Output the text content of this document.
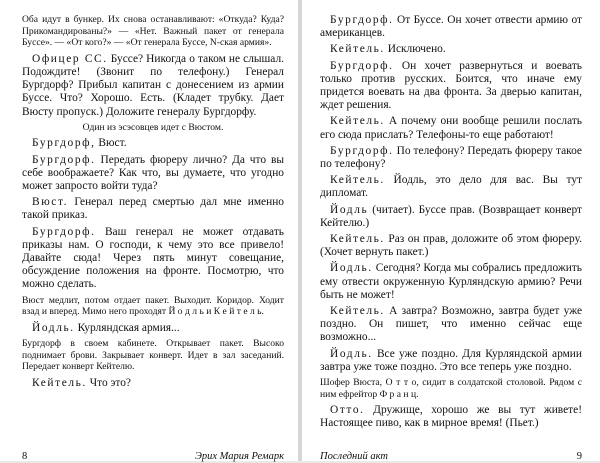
Оба идут в бункер. Их снова останавливают: «Откуда? Куда? Прикомандированы?» — «Нет. Важный пакет от генерала Буссе». — «От кого?» — «От генерала Буссе, N-ская армия».
Офицер СС. Буссе? Никогда о таком не слышал. Подождите! (Звонит по телефону.) Генерал Бургдорф? Прибыл капитан с донесением из армии Буссе. Что? Хорошо. Есть. (Кладет трубку. Дает Вюсту пропуск.) Доложите генералу Бургдорфу.
Один из эсэсовцев идет с Вюстом.
Бургдорф, Вюст.
Бургдорф. Передать фюреру лично? Да что вы себе воображаете? Как что, вы думаете, что угодно может запросто войти туда?
Вюст. Генерал перед смертью дал мне именно такой приказ.
Бургдорф. Ваш генерал не может отдавать приказы нам. О господи, к чему это все привело! Давайте сюда! Через пять минут совещание, обсуждение положения на фронте. Посмотрю, что можно сделать.
Вюст медлит, потом отдает пакет. Выходит. Коридор. Ходит взад и вперед. Мимо него проходят Й о д л ь и К е й т е л ь.
Йодль. Курляндская армия...
Бургдорф в своем кабинете. Открывает пакет. Высоко поднимает брови. Закрывает конверт. Идет в зал заседаний. Передает конверт Кейтелю.
Кейтель. Что это?
8	Эрих Мария Ремарк
Бургдорф. От Буссе. Он хочет отвести армию от американцев.
Кейтель. Исключено.
Бургдорф. Он хочет развернуться и воевать только против русских. Боится, что иначе ему придется воевать на два фронта. За дверью капитан, ждет решения.
Кейтель. А почему они вообще решили послать его сюда прислать? Телефоны-то еще работают!
Бургдорф. По телефону? Передать фюреру такое по телефону?
Кейтель. Йодль, это дело для вас. Вы тут дипломат.
Йодль (читает). Буссе прав. (Возвращает конверт Кейтелю.)
Кейтель. Раз он прав, доложите об этом фюреру. (Хочет вернуть пакет.)
Йодль. Сегодня? Когда мы собрались предложить ему отвести окруженную Курляндскую армию? Речи быть не может!
Кейтель. А завтра? Возможно, завтра будет уже поздно. Он пишет, что именно сейчас еще возможно...
Йодль. Все уже поздно. Для Курляндской армии завтра уже тоже поздно. Это все теперь уже поздно.
Шофер Вюста, О т т о, сидит в солдатской столовой. Рядом с ним ефрейтор Ф р а н ц.
Отто. Дружище, хорошо же вы тут живете! Настоящее пиво, как в мирное время! (Пьет.)
Последний акт	9
